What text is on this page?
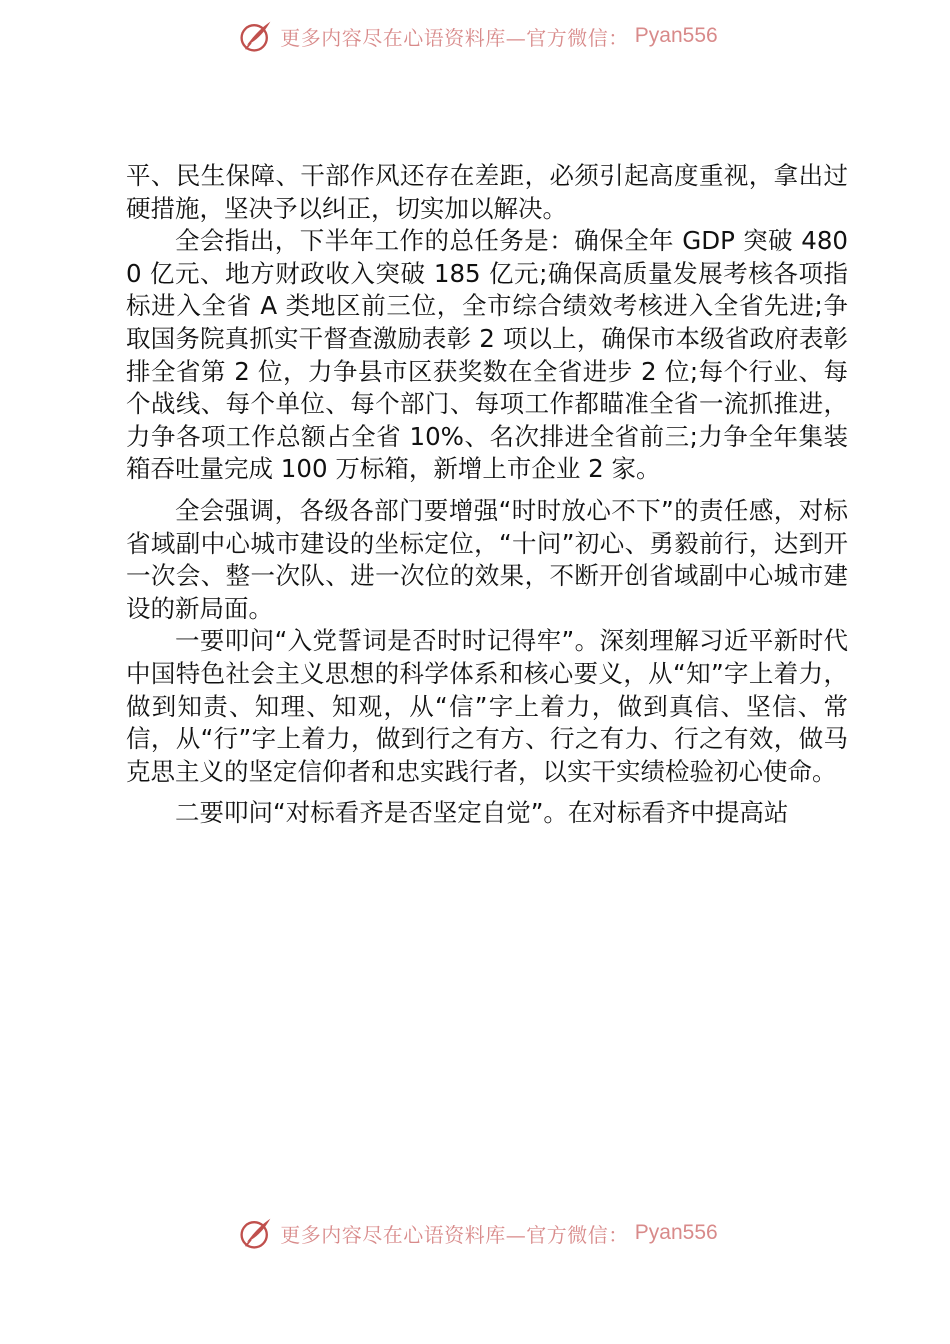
更多内容尽在心语资料库—官方微信： Pyan556

平、民生保障、干部作风还存在差距，必须引起高度重视，拿出过硬措施，坚决予以纠正，切实加以解决。

全会指出，下半年工作的总任务是：确保全年 GDP 突破 4800 亿元、地方财政收入突破 185 亿元;确保高质量发展考核各项指标进入全省 A 类地区前三位，全市综合绩效考核进入全省先进;争取国务院真抓实干督查激励表彰 2 项以上，确保市本级省政府表彰排全省第 2 位，力争县市区获奖数在全省进步 2 位;每个行业、每个战线、每个单位、每个部门、每项工作都瞄准全省一流抓推进，力争各项工作总额占全省 10%、名次排进全省前三;力争全年集装箱吞吐量完成 100 万标箱，新增上市企业 2 家。

全会强调，各级各部门要增强“时时放心不下”的责任感，对标省域副中心城市建设的坐标定位，“十问”初心、勇毅前行，达到开一次会、整一次队、进一次位的效果，不断开创省域副中心城市建设的新局面。

一要叩问“入党誓词是否时时记得牢”。深刻理解习近平新时代中国特色社会主义思想的科学体系和核心要义，从“知”字上着力，做到知责、知理、知观，从“信”字上着力，做到真信、坚信、常信，从“行”字上着力，做到行之有方、行之有力、行之有效，做马克思主义的坚定信仰者和忠实践行者，以实干实绩检验初心使命。

二要叩问“对标看齐是否坚定自觉”。在对标看齐中提高站

更多内容尽在心语资料库—官方微信： Pyan556
